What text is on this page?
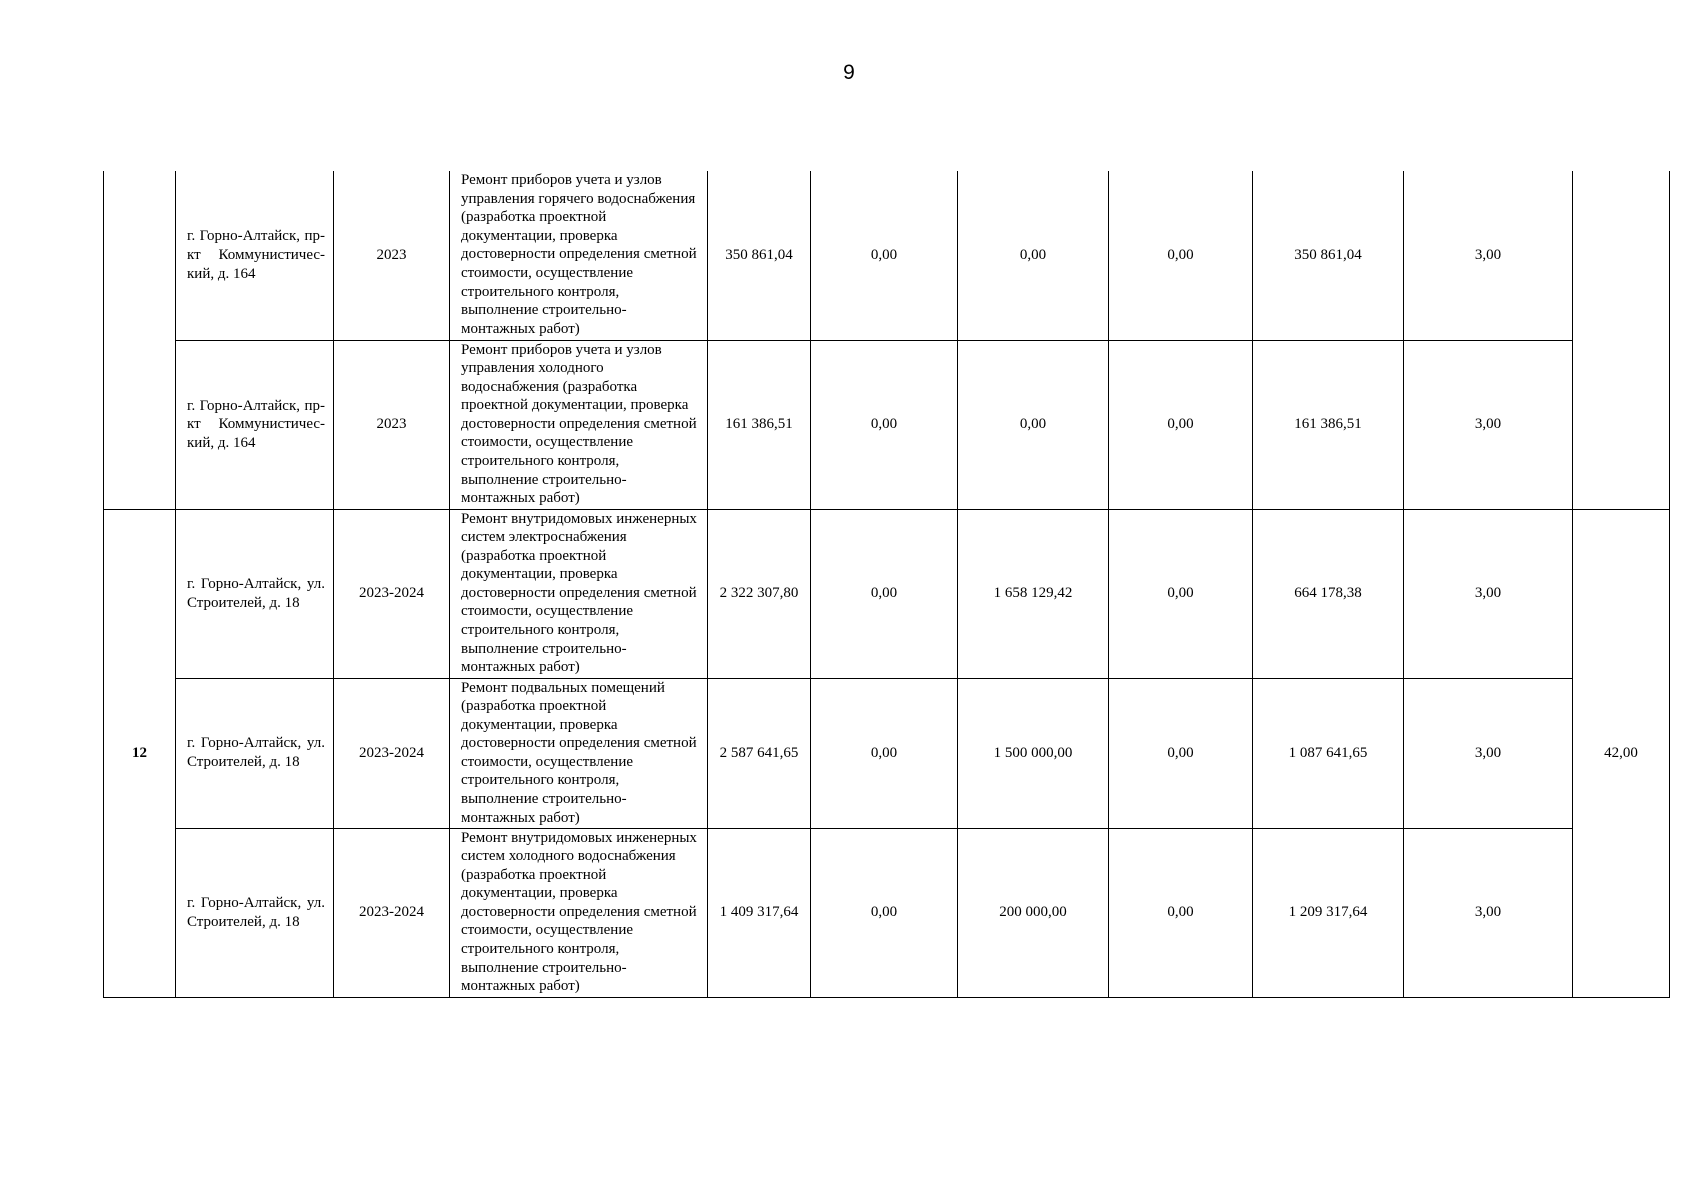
9
	г. Горно-Алтайск, пр-кт Коммунистичес-кий, д. 164	2023	Ремонт приборов учета и узлов управления горячего водоснабжения (разработка проектной документации, проверка достоверности определения сметной стоимости, осуществление строительного контроля, выполнение строительно-монтажных работ)	350 861,04	0,00	0,00	0,00	350 861,04	3,00	
	г. Горно-Алтайск, пр-кт Коммунистичес-кий, д. 164	2023	Ремонт приборов учета и узлов управления холодного водоснабжения (разработка проектной документации, проверка достоверности определения сметной стоимости, осуществление строительного контроля, выполнение строительно-монтажных работ)	161 386,51	0,00	0,00	0,00	161 386,51	3,00	
12	г. Горно-Алтайск, ул. Строителей, д. 18	2023-2024	Ремонт внутридомовых инженерных систем электроснабжения (разработка проектной документации, проверка достоверности определения сметной стоимости, осуществление строительного контроля, выполнение строительно-монтажных работ)	2 322 307,80	0,00	1 658 129,42	0,00	664 178,38	3,00	42,00
	г. Горно-Алтайск, ул. Строителей, д. 18	2023-2024	Ремонт подвальных помещений (разработка проектной документации, проверка достоверности определения сметной стоимости, осуществление строительного контроля, выполнение строительно-монтажных работ)	2 587 641,65	0,00	1 500 000,00	0,00	1 087 641,65	3,00	
	г. Горно-Алтайск, ул. Строителей, д. 18	2023-2024	Ремонт внутридомовых инженерных систем холодного водоснабжения (разработка проектной документации, проверка достоверности определения сметной стоимости, осуществление строительного контроля, выполнение строительно-монтажных работ)	1 409 317,64	0,00	200 000,00	0,00	1 209 317,64	3,00	
